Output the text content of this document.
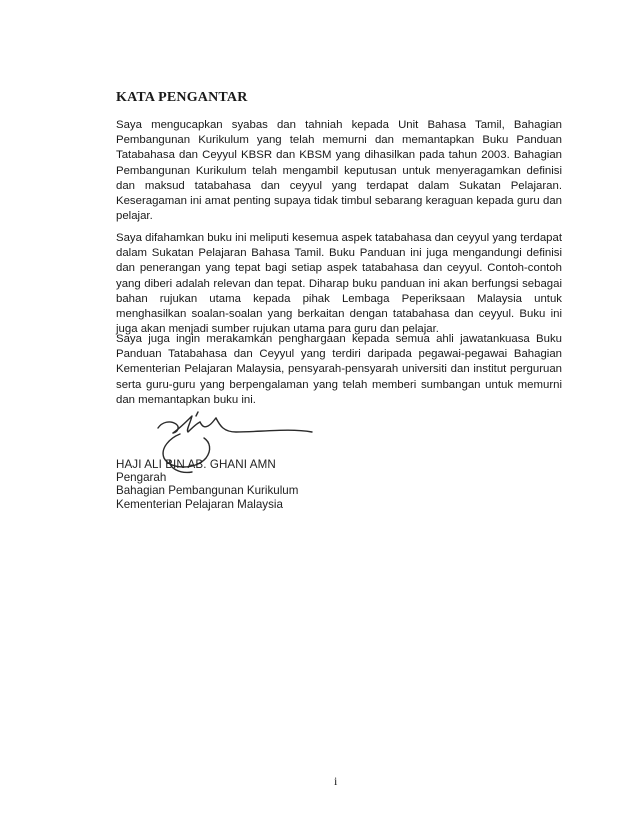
KATA PENGANTAR

Saya mengucapkan syabas dan tahniah kepada Unit Bahasa Tamil, Bahagian Pembangunan Kurikulum yang telah memurni dan memantapkan Buku Panduan Tatabahasa dan Ceyyul KBSR dan KBSM yang dihasilkan pada tahun 2003. Bahagian Pembangunan Kurikulum telah mengambil keputusan untuk menyeragamkan definisi dan maksud tatabahasa dan ceyyul yang terdapat dalam Sukatan Pelajaran. Keseragaman ini amat penting supaya tidak timbul sebarang keraguan kepada guru dan pelajar.

Saya difahamkan buku ini meliputi kesemua aspek tatabahasa dan ceyyul yang terdapat dalam Sukatan Pelajaran Bahasa Tamil. Buku Panduan ini juga mengandungi definisi dan penerangan yang tepat bagi setiap aspek tatabahasa dan ceyyul. Contoh-contoh yang diberi adalah relevan dan tepat. Diharap buku panduan ini akan berfungsi sebagai bahan rujukan utama kepada pihak Lembaga Peperiksaan Malaysia untuk menghasilkan soalan-soalan yang berkaitan dengan tatabahasa dan ceyyul. Buku ini juga akan menjadi sumber rujukan utama para guru dan pelajar.

Saya juga ingin merakamkan penghargaan kepada semua ahli jawatankuasa Buku Panduan Tatabahasa dan Ceyyul yang terdiri daripada pegawai-pegawai Bahagian Kementerian Pelajaran Malaysia, pensyarah-pensyarah universiti dan institut perguruan serta guru-guru yang berpengalaman yang telah memberi sumbangan untuk memurni dan memantapkan buku ini.

HAJI ALI BIN AB. GHANI AMN
Pengarah
Bahagian Pembangunan Kurikulum
Kementerian Pelajaran Malaysia
i
